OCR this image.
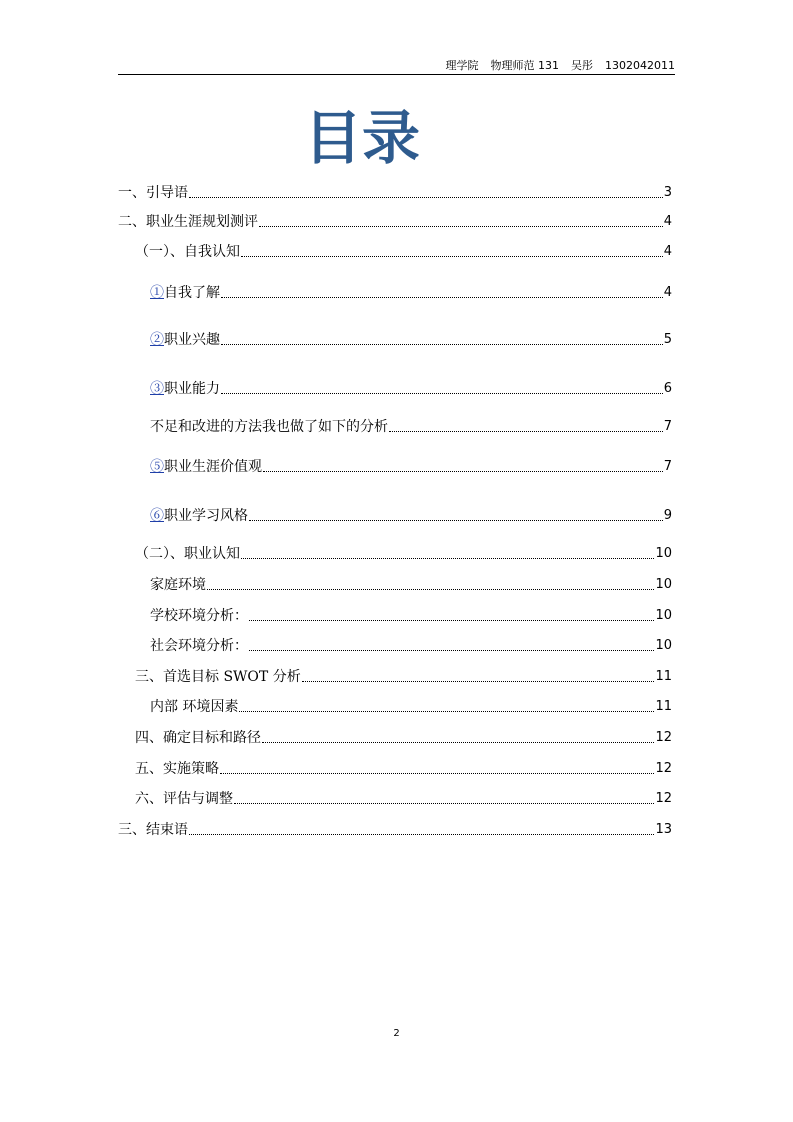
理学院 物理师范 131 吴彤 1302042011
目录
一、引导语	3
二、职业生涯规划测评	4
（一）、自我认知	4
①自我了解	4
②职业兴趣	5
③职业能力	6
不足和改进的方法我也做了如下的分析	7
⑤职业生涯价值观	7
⑥职业学习风格	9
（二）、职业认知	10
家庭环境	10
学校环境分析：	10
社会环境分析：	10
三、首选目标 SWOT 分析	11
内部 环境因素	11
四、确定目标和路径	12
五、实施策略	12
六、评估与调整	12
三、结束语	13
2
